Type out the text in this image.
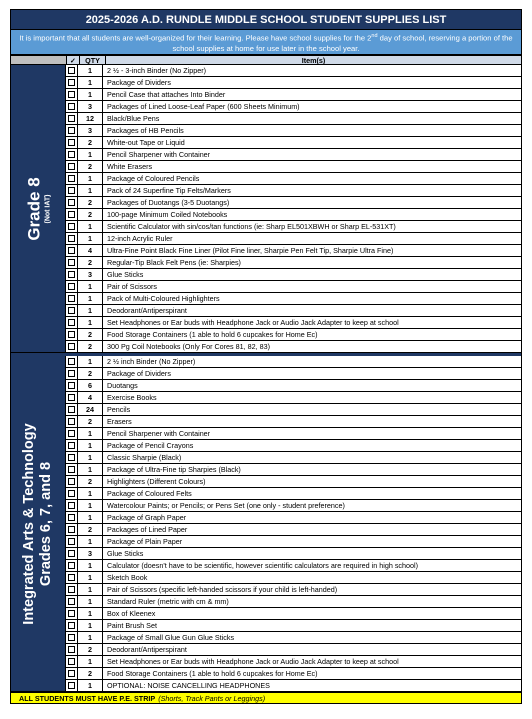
2025-2026 A.D. RUNDLE MIDDLE SCHOOL STUDENT SUPPLIES LIST
It is important that all students are well-organized for their learning. Please have school supplies for the 2nd day of school, reserving a portion of the school supplies at home for use later in the school year.
✓	QTY	Item(s)
Grade 8 (Not IAT)
1	2 ½ - 3-inch Binder (No Zipper)
1	Package of Dividers
1	Pencil Case that attaches Into Binder
3	Packages of Lined Loose-Leaf Paper (600 Sheets Minimum)
12	Black/Blue Pens
3	Packages of HB Pencils
2	White-out Tape or Liquid
1	Pencil Sharpener with Container
2	White Erasers
1	Package of Coloured Pencils
1	Pack of 24 Superfine Tip Felts/Markers
2	Packages of Duotangs (3-5 Duotangs)
2	100-page Minimum Coiled Notebooks
1	Scientific Calculator with sin/cos/tan functions (ie: Sharp EL501XBWH or Sharp EL-531XT)
1	12-inch Acrylic Ruler
4	Ultra-Fine Point Black Fine Liner (Pilot Fine liner, Sharpie Pen Felt Tip, Sharpie Ultra Fine)
2	Regular-Tip Black Felt Pens (ie: Sharpies)
3	Glue Sticks
1	Pair of Scissors
1	Pack of Multi-Coloured Highlighters
1	Deodorant/Antiperspirant
1	Set Headphones or Ear buds with Headphone Jack or Audio Jack Adapter to keep at school
2	Food Storage Containers (1 able to hold 6 cupcakes for Home Ec)
2	300 Pg Coil Notebooks (Only For Cores 81, 82, 83)
Integrated Arts & Technology Grades 6, 7, and 8
1	2 ½ inch Binder (No Zipper)
2	Package of Dividers
6	Duotangs
4	Exercise Books
24	Pencils
2	Erasers
1	Pencil Sharpener with Container
1	Package of Pencil Crayons
1	Classic Sharpie (Black)
1	Package of Ultra-Fine tip Sharpies (Black)
2	Highlighters (Different Colours)
1	Package of Coloured Felts
1	Watercolour Paints; or Pencils; or Pens Set (one only - student preference)
1	Package of Graph Paper
2	Packages of Lined Paper
1	Package of Plain Paper
3	Glue Sticks
1	Calculator (doesn't have to be scientific, however scientific calculators are required in high school)
1	Sketch Book
1	Pair of Scissors (specific left-handed scissors if your child is left-handed)
1	Standard Ruler (metric with cm & mm)
1	Box of Kleenex
1	Paint Brush Set
1	Package of Small Glue Gun Glue Sticks
2	Deodorant/Antiperspirant
1	Set Headphones or Ear buds with Headphone Jack or Audio Jack Adapter to keep at school
2	Food Storage Containers (1 able to hold 6 cupcakes for Home Ec)
1	OPTIONAL: NOISE CANCELLING HEADPHONES
ALL STUDENTS MUST HAVE P.E. STRIP (Shorts, Track Pants or Leggings)
